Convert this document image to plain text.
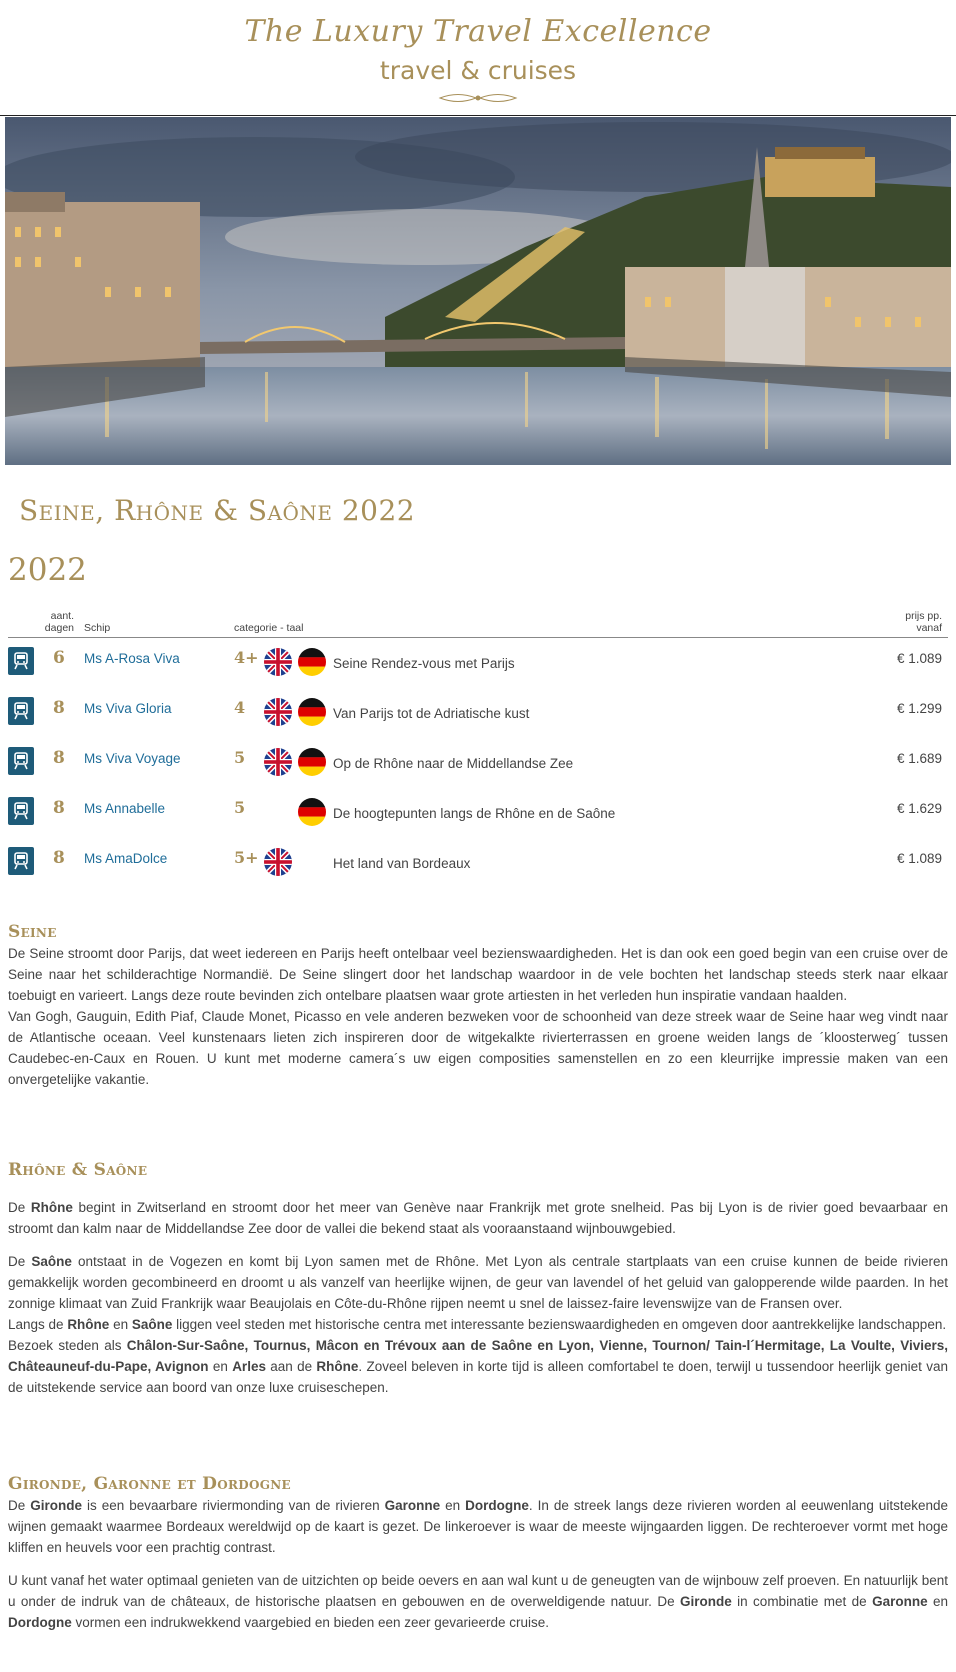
The Luxury Travel Excellence
travel & cruises
Seine, Rhône & Saône 2022
2022
aant.
dagen Schip	categorie - taal
prijs pp.
vanaf
6 Ms A-Rosa Viva	4+	Seine Rendez-vous met Parijs	€ 1.089
8 Ms Viva Gloria	4	Van Parijs tot de Adriatische kust	€ 1.299
8 Ms Viva Voyage	5	Op de Rhône naar de Middellandse Zee	€ 1.689
8 Ms Annabelle	5	De hoogtepunten langs de Rhône en de Saône	€ 1.629
8 Ms AmaDolce	5+	Het land van Bordeaux	€ 1.089
Seine

De Seine stroomt door Parijs, dat weet iedereen en Parijs heeft ontelbaar veel bezienswaardigheden. Het is dan ook een goed begin van een cruise over de Seine naar het schilderachtige Normandië. De Seine slingert door het landschap waardoor in de vele bochten het landschap steeds sterk naar elkaar toebuigt en varieert. Langs deze route bevinden zich ontelbare plaatsen waar grote artiesten in het verleden hun inspiratie vandaan haalden.

Van Gogh, Gauguin, Edith Piaf, Claude Monet, Picasso en vele anderen bezweken voor de schoonheid van deze streek waar de Seine haar weg vindt naar de Atlantische oceaan. Veel kunstenaars lieten zich inspireren door de witgekalkte rivierterrassen en groene weiden langs de ´kloosterweg´ tussen Caudebec-en-Caux en Rouen. U kunt met moderne camera´s uw eigen composities samenstellen en zo een kleurrijke impressie maken van een onvergetelijke vakantie.

Rhône & Saône

De Rhône begint in Zwitserland en stroomt door het meer van Genève naar Frankrijk met grote snelheid. Pas bij Lyon is de rivier goed bevaarbaar en stroomt dan kalm naar de Middellandse Zee door de vallei die bekend staat als vooraanstaand wijnbouwgebied.

De Saône ontstaat in de Vogezen en komt bij Lyon samen met de Rhône. Met Lyon als centrale startplaats van een cruise kunnen de beide rivieren gemakkelijk worden gecombineerd en droomt u als vanzelf van heerlijke wijnen, de geur van lavendel of het geluid van galopperende wilde paarden. In het zonnige klimaat van Zuid Frankrijk waar Beaujolais en Côte-du-Rhône rijpen neemt u snel de laissez-faire levenswijze van de Fransen over.

Langs de Rhône en Saône liggen veel steden met historische centra met interessante bezienswaardigheden en omgeven door aantrekkelijke landschappen.

Bezoek steden als Châlon-Sur-Saône, Tournus, Mâcon en Trévoux aan de Saône en Lyon, Vienne, Tournon/ Tain-l´Hermitage, La Voulte, Viviers, Châteauneuf-du-Pape, Avignon en Arles aan de Rhône. Zoveel beleven in korte tijd is alleen comfortabel te doen, terwijl u tussendoor heerlijk geniet van de uitstekende service aan boord van onze luxe cruiseschepen.

Gironde, Garonne et Dordogne

De Gironde is een bevaarbare riviermonding van de rivieren Garonne en Dordogne. In de streek langs deze rivieren worden al eeuwenlang uitstekende wijnen gemaakt waarmee Bordeaux wereldwijd op de kaart is gezet. De linkeroever is waar de meeste wijngaarden liggen. De rechteroever vormt met hoge kliffen en heuvels voor een prachtig contrast.

U kunt vanaf het water optimaal genieten van de uitzichten op beide oevers en aan wal kunt u de geneugten van de wijnbouw zelf proeven. En natuurlijk bent u onder de indruk van de châteaux, de historische plaatsen en gebouwen en de overweldigende natuur. De Gironde in combinatie met de Garonne en Dordogne vormen een indrukwekkend vaargebied en bieden een zeer gevarieerde cruise.
